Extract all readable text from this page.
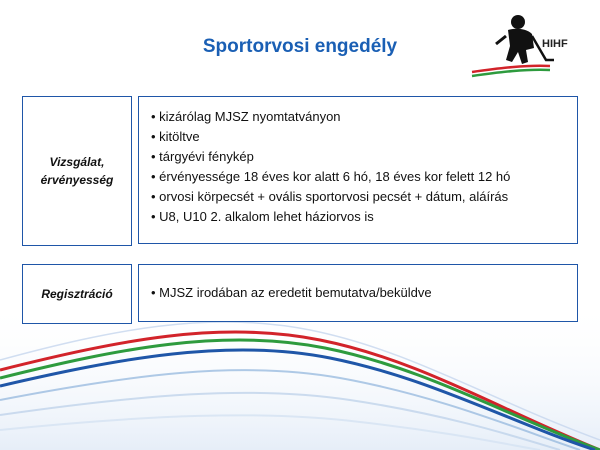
Sportorvosi engedély	HIHF
Vizsgálat, érvényesség
• kizárólag MJSZ nyomtatványon
• kitöltve
• tárgyévi fénykép
• érvényessége 18 éves kor alatt 6 hó, 18 éves kor felett 12 hó
• orvosi körpecsét + ovális sportorvosi pecsét + dátum, aláírás
• U8, U10 2. alkalom lehet háziorvos is
Regisztráció
•	MJSZ irodában az eredetit bemutatva/beküldve
